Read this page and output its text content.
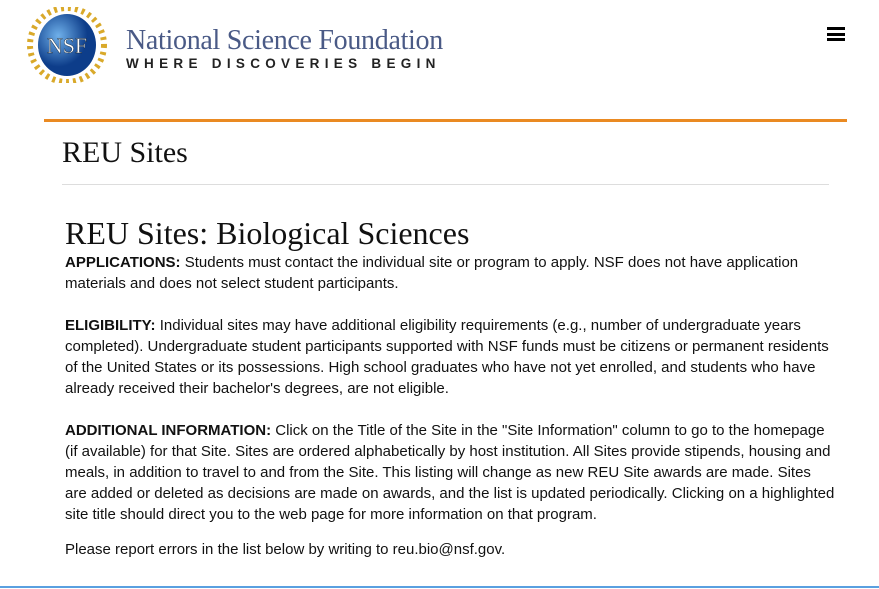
NSF National Science Foundation
WHERE DISCOVERIES BEGIN
REU Sites
REU Sites: Biological Sciences

APPLICATIONS: Students must contact the individual site or program to apply. NSF does not have application materials and does not select student participants.

ELIGIBILITY: Individual sites may have additional eligibility requirements (e.g., number of undergraduate years completed). Undergraduate student participants supported with NSF funds must be citizens or permanent residents of the United States or its possessions. High school graduates who have not yet enrolled, and students who have already received their bachelor's degrees, are not eligible.

ADDITIONAL INFORMATION: Click on the Title of the Site in the "Site Information" column to go to the homepage (if available) for that Site. Sites are ordered alphabetically by host institution. All Sites provide stipends, housing and meals, in addition to travel to and from the Site. This listing will change as new REU Site awards are made. Sites are added or deleted as decisions are made on awards, and the list is updated periodically. Clicking on a highlighted site title should direct you to the web page for more information on that program.

Please report errors in the list below by writing to reu.bio@nsf.gov.
